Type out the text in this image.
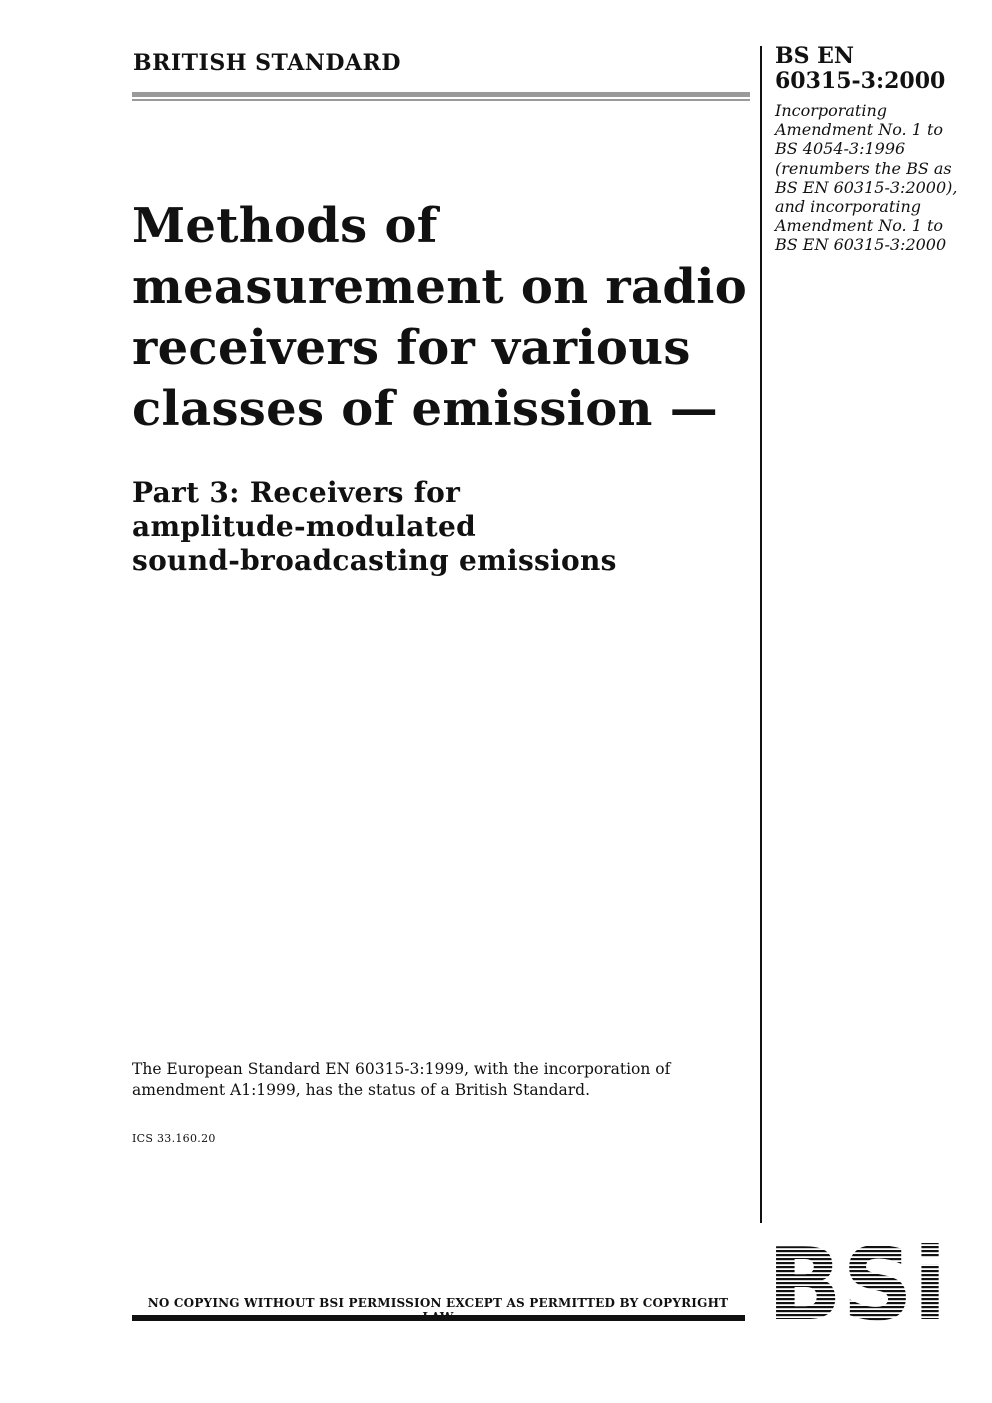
BRITISH STANDARD	BS EN
60315-3:2000
Incorporating
Amendment No. 1 to
BS 4054-3:1996
(renumbers the BS as
BS EN 60315-3:2000),
and incorporating
Amendment No. 1 to
BS EN 60315-3:2000
Methods of
measurement on radio
receivers for various
classes of emission —
Part 3: Receivers for
amplitude-modulated
sound-broadcasting emissions
The European Standard EN 60315-3:1999, with the incorporation of
amendment A1:1999, has the status of a British Standard.
ICS 33.160.20
NO COPYING WITHOUT BSI PERMISSION EXCEPT AS PERMITTED BY COPYRIGHT
